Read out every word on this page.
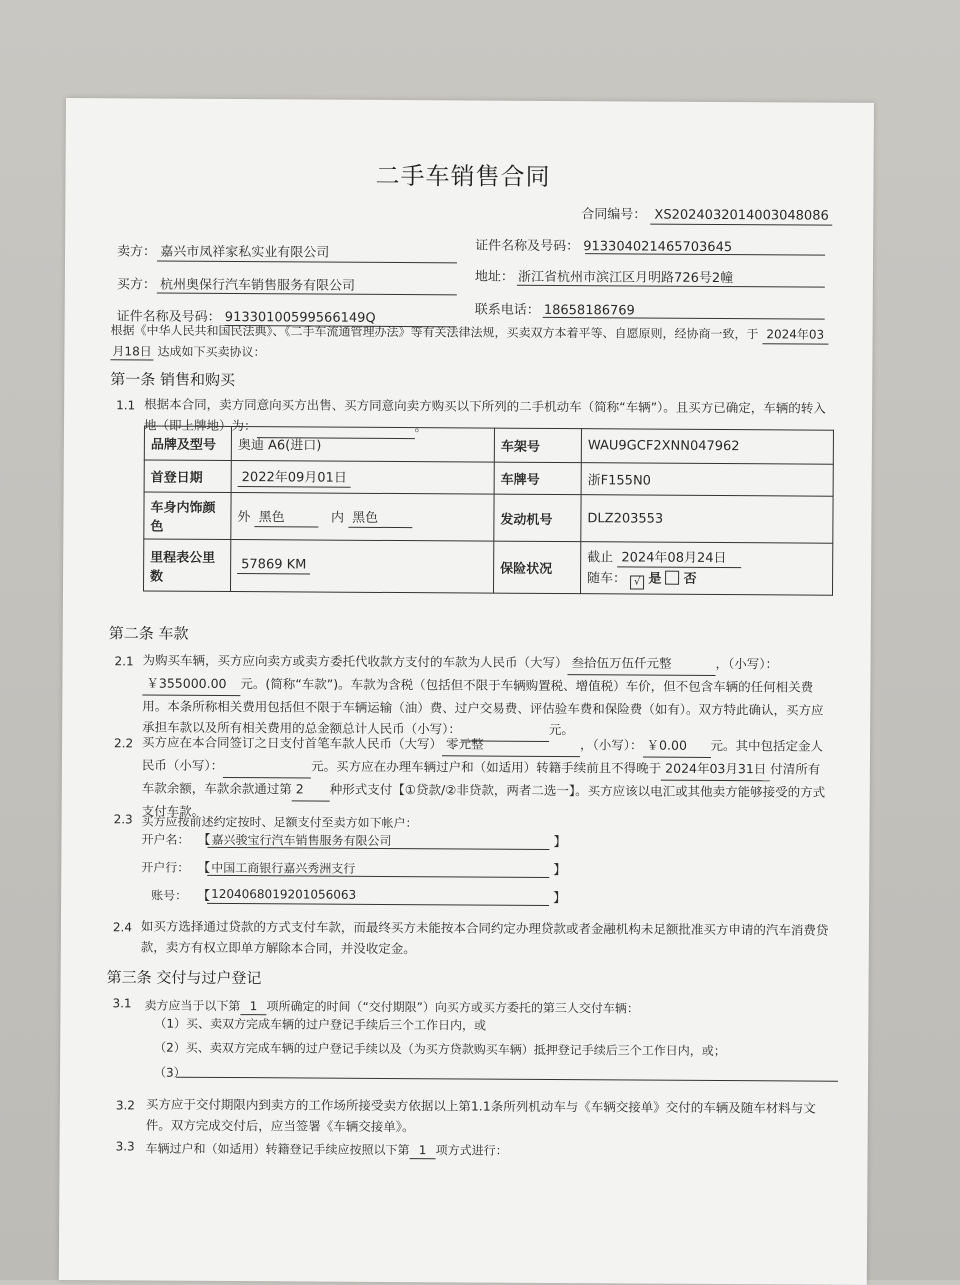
二手车销售合同
合同编号： XS20240320140030480​86
卖方： 嘉兴市凤祥家私实业有限公司	证件名称及号码： 913304021465703645
买方： 杭州奥保行汽车销售服务有限公司
地址： 浙江省杭州市滨江区月明路726号2幢
证件名称及号码： 91330100599566149Q	联系电话： 18658186769
根据《中华人民共和国民法典》、《二手车流通管理办法》等有关法律法规，买卖双方本着平等、自愿原则，经协商一致，于 2024年03
月18日 达成如下买卖协议：
第一条 销售和购买
1.1 根据本合同，卖方同意向买方出售、买方同意向卖方购买以下所列的二手机动车（简称“车辆”）。且买方已确定，车辆的转入地（即上牌地）为：	。
品牌及型号	奥迪 A6(进口)	车架号	WAU9GCF2XNN047962
首登日期	2022年09月01日	车牌号	浙F155N0
车身内饰颜色	外 黑色 内 黑色	发动机号	DLZ203553
里程表公里数	57869 KM	保险状况	截止 2024年08月24日
随车： √ 是 否
第二条 车款
2.1 为购买车辆，买方应向卖方或卖方委托代收款方支付的车款为人民币（大写） 叁拾伍万伍仟元整	，（小写）：￥355000.00 元。(简称“车款”)。车款为含税（包括但不限于车辆购置税、增值税）车价，但不包含车辆的任何相关费用。本条所称相关费用包括但不限于车辆运输（油）费、过户交易费、评估验车费和保险费（如有）。双方特此确认，买方应承担车款以及所有相关费用的总金额总计人民币（小写）：	元。
2.2 买方应在本合同签订之日支付首笔车款人民币（大写） 零元整	，（小写）： ￥0.00 元。其中包括定金人民币（小写）：	元。买方应在办理车辆过户和（如适用）转籍手续前且不得晚于 2024年03月31日 付清所有车款余额，车款余款通过第 2 种形式支付【①贷款/②非贷款，两者二选一】。买方应该以电汇或其他卖方能够接受的方式支付车款。
2.3 买方应按前述约定按时、足额支付至卖方如下帐户：
开户名： 【 嘉兴骏宝行汽车销售服务有限公司	】
开户行： 【 中国工商银行嘉兴秀洲支行	】
账号： 【 1204068019201056063	】
2.4 如买方选择通过贷款的方式支付车款，而最终买方未能按本合同约定办理贷款或者金融机构未足额批准买方申请的汽车消费贷款，卖方有权立即单方解除本合同，并没收定金。
第三条 交付与过户登记
3.1 卖方应当于以下第 1 项所确定的时间（“交付期限”）向买方或买方委托的第三人交付车辆：
（1）买、卖双方完成车辆的过户登记手续后三个工作日内，或
（2）买、卖双方完成车辆的过户登记手续以及（为买方贷款购买车辆）抵押登记手续后三个工作日内，或；
（3）
3.2 买方应于交付期限内到卖方的工作场所接受卖方依据以上第1.1条所列机动车与《车辆交接单》交付的车辆及随车材料与文件。双方完成交付后，应当签署《车辆交接单》。
3.3 车辆过户和（如适用）转籍登记手续应按照以下第 1 项方式进行：
